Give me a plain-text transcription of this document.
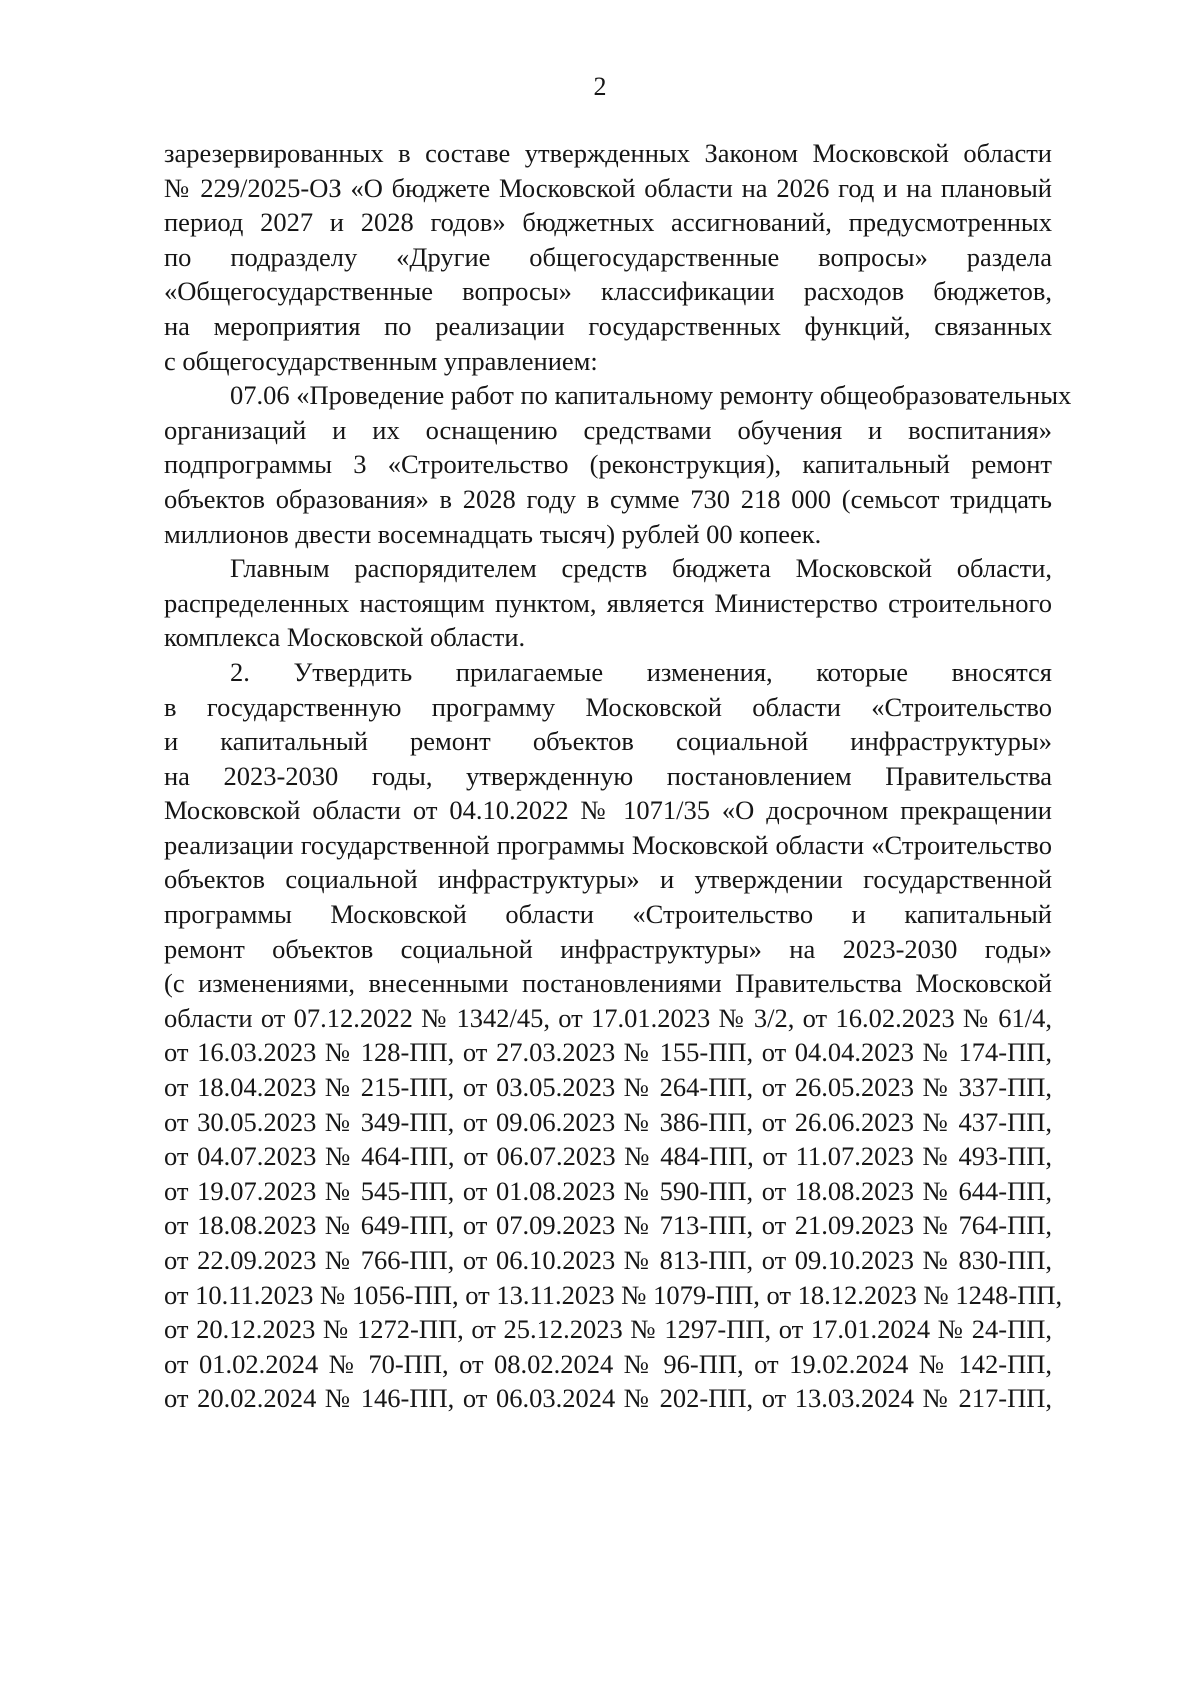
2
зарезервированных в составе утвержденных Законом Московской области
№ 229/2025-ОЗ «О бюджете Московской области на 2026 год и на плановый
период 2027 и 2028 годов» бюджетных ассигнований, предусмотренных
по подразделу «Другие общегосударственные вопросы» раздела
«Общегосударственные вопросы» классификации расходов бюджетов,
на мероприятия по реализации государственных функций, связанных
с общегосударственным управлением:
07.06 «Проведение работ по капитальному ремонту общеобразовательных
организаций и их оснащению средствами обучения и воспитания»
подпрограммы 3 «Строительство (реконструкция), капитальный ремонт
объектов образования» в 2028 году в сумме 730 218 000 (семьсот тридцать
миллионов двести восемнадцать тысяч) рублей 00 копеек.
Главным распорядителем средств бюджета Московской области,
распределенных настоящим пунктом, является Министерство строительного
комплекса Московской области.
2. Утвердить прилагаемые изменения, которые вносятся
в государственную программу Московской области «Строительство
и капитальный ремонт объектов социальной инфраструктуры»
на 2023-2030 годы, утвержденную постановлением Правительства
Московской области от 04.10.2022 № 1071/35 «О досрочном прекращении
реализации государственной программы Московской области «Строительство
объектов социальной инфраструктуры» и утверждении государственной
программы Московской области «Строительство и капитальный
ремонт объектов социальной инфраструктуры» на 2023-2030 годы»
(с изменениями, внесенными постановлениями Правительства Московской
области от 07.12.2022 № 1342/45, от 17.01.2023 № 3/2, от 16.02.2023 № 61/4,
от 16.03.2023 № 128-ПП, от 27.03.2023 № 155-ПП, от 04.04.2023 № 174-ПП,
от 18.04.2023 № 215-ПП, от 03.05.2023 № 264-ПП, от 26.05.2023 № 337-ПП,
от 30.05.2023 № 349-ПП, от 09.06.2023 № 386-ПП, от 26.06.2023 № 437-ПП,
от 04.07.2023 № 464-ПП, от 06.07.2023 № 484-ПП, от 11.07.2023 № 493-ПП,
от 19.07.2023 № 545-ПП, от 01.08.2023 № 590-ПП, от 18.08.2023 № 644-ПП,
от 18.08.2023 № 649-ПП, от 07.09.2023 № 713-ПП, от 21.09.2023 № 764-ПП,
от 22.09.2023 № 766-ПП, от 06.10.2023 № 813-ПП, от 09.10.2023 № 830-ПП,
от 10.11.2023 № 1056-ПП, от 13.11.2023 № 1079-ПП, от 18.12.2023 № 1248-ПП,
от 20.12.2023 № 1272-ПП, от 25.12.2023 № 1297-ПП, от 17.01.2024 № 24-ПП,
от 01.02.2024 № 70-ПП, от 08.02.2024 № 96-ПП, от 19.02.2024 № 142-ПП,
от 20.02.2024 № 146-ПП, от 06.03.2024 № 202-ПП, от 13.03.2024 № 217-ПП,
